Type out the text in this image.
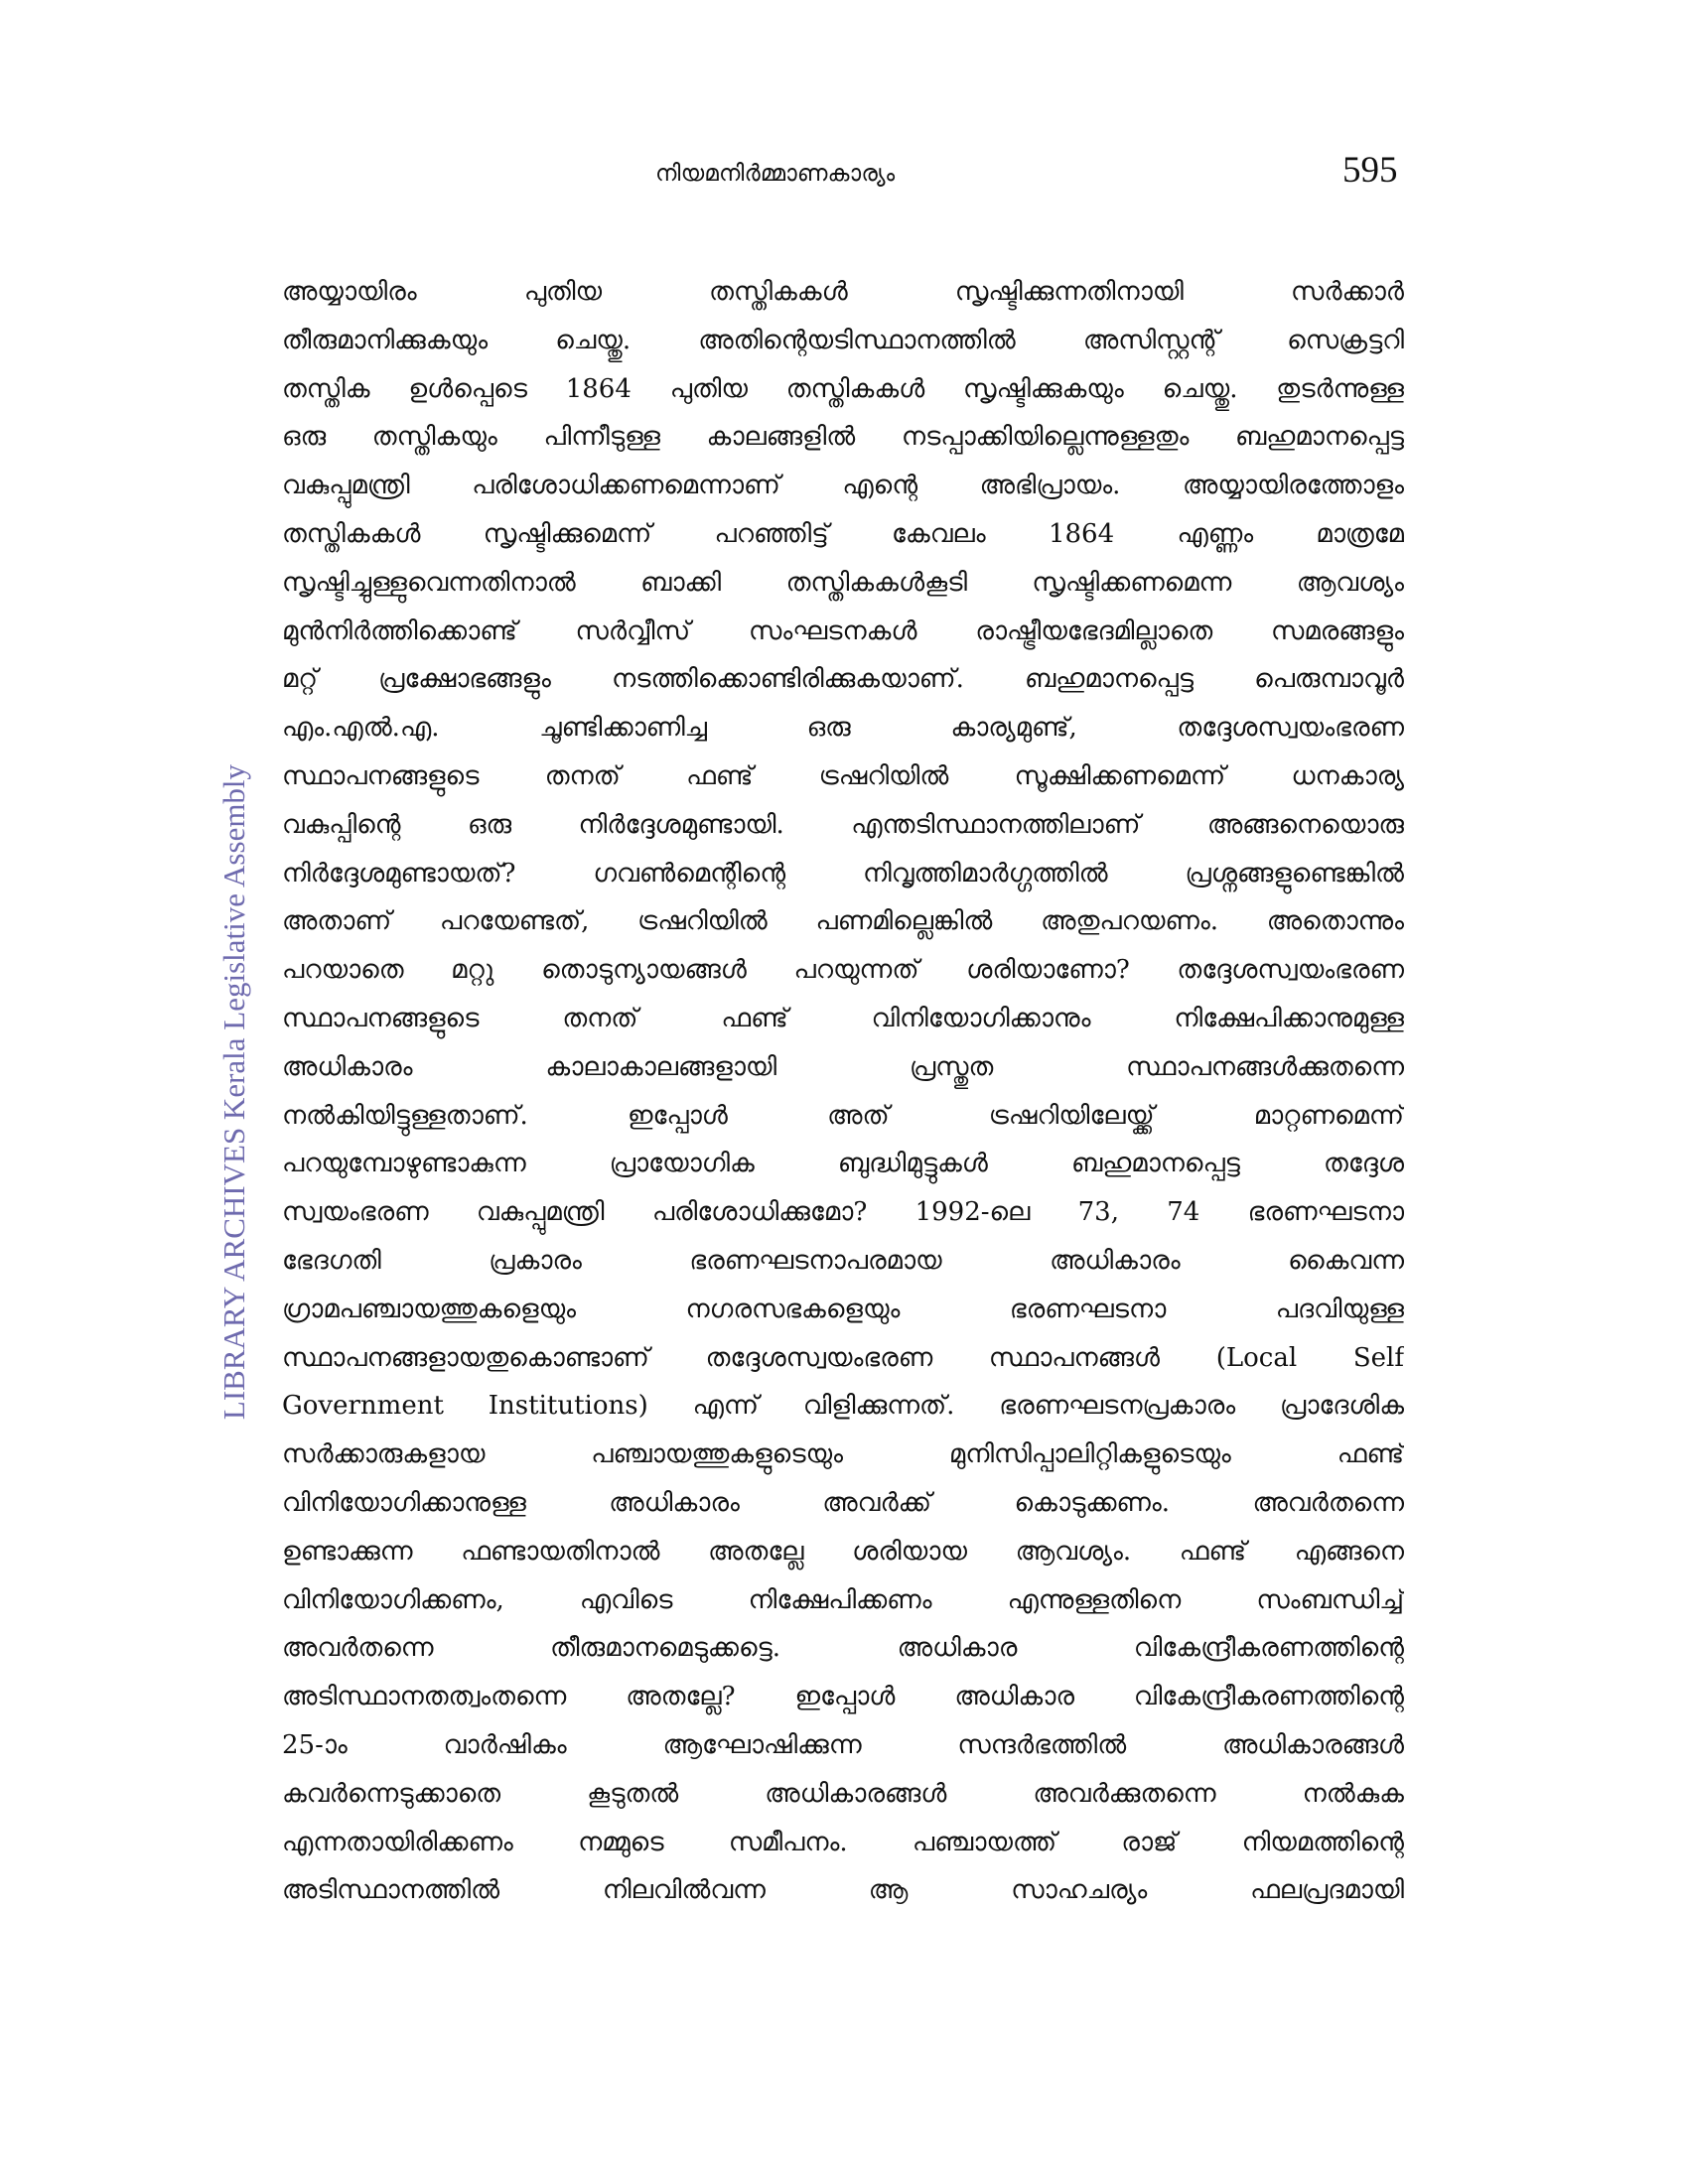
നിയമനിർമ്മാണകാര്യം	595
LIBRARY ARCHIVES Kerala Legislative Assembly
അയ്യായിരം പുതിയ തസ്തികകൾ സൃഷ്ടിക്കുന്നതിനായി സർക്കാർ
തീരുമാനിക്കുകയും ചെയ്തു. അതിന്റെയടിസ്ഥാനത്തിൽ അസിസ്റ്റന്റ് സെക്രട്ടറി
തസ്തിക ഉൾപ്പെടെ 1864 പുതിയ തസ്തികകൾ സൃഷ്ടിക്കുകയും ചെയ്തു. തുടർന്നുള്ള
ഒരു തസ്തികയും പിന്നീടുള്ള കാലങ്ങളിൽ നടപ്പാക്കിയില്ലെന്നുള്ളതും ബഹുമാനപ്പെട്ട
വകുപ്പുമന്ത്രി പരിശോധിക്കണമെന്നാണ് എന്റെ അഭിപ്രായം. അയ്യായിരത്തോളം
തസ്തികകൾ സൃഷ്ടിക്കുമെന്ന് പറഞ്ഞിട്ട് കേവലം 1864 എണ്ണം മാത്രമേ
സൃഷ്ടിച്ചുള്ളുവെന്നതിനാൽ ബാക്കി തസ്തികകൾകൂടി സൃഷ്ടിക്കണമെന്ന ആവശ്യം
മുൻനിർത്തിക്കൊണ്ട് സർവ്വീസ് സംഘടനകൾ രാഷ്ട്രീയഭേദമില്ലാതെ സമരങ്ങളും
മറ്റ് പ്രക്ഷോഭങ്ങളും നടത്തിക്കൊണ്ടിരിക്കുകയാണ്. ബഹുമാനപ്പെട്ട പെരുമ്പാവൂർ
എം.എൽ.എ. ചൂണ്ടിക്കാണിച്ച ഒരു കാര്യമുണ്ട്, തദ്ദേശസ്വയംഭരണ
സ്ഥാപനങ്ങളുടെ തനത് ഫണ്ട് ട്രഷറിയിൽ സൂക്ഷിക്കണമെന്ന് ധനകാര്യ
വകുപ്പിന്റെ ഒരു നിർദ്ദേശമുണ്ടായി. എന്തടിസ്ഥാനത്തിലാണ് അങ്ങനെയൊരു
നിർദ്ദേശമുണ്ടായത്? ഗവൺമെന്റിന്റെ നിവൃത്തിമാർഗ്ഗത്തിൽ പ്രശ്നങ്ങളുണ്ടെങ്കിൽ
അതാണ് പറയേണ്ടത്, ട്രഷറിയിൽ പണമില്ലെങ്കിൽ അതുപറയണം. അതൊന്നും
പറയാതെ മറ്റു തൊടുന്യായങ്ങൾ പറയുന്നത് ശരിയാണോ? തദ്ദേശസ്വയംഭരണ
സ്ഥാപനങ്ങളുടെ തനത് ഫണ്ട് വിനിയോഗിക്കാനും നിക്ഷേപിക്കാനുമുള്ള
അധികാരം കാലാകാലങ്ങളായി പ്രസ്തുത സ്ഥാപനങ്ങൾക്കുതന്നെ
നൽകിയിട്ടുള്ളതാണ്. ഇപ്പോൾ അത് ട്രഷറിയിലേയ്ക്ക് മാറ്റണമെന്ന്
പറയുമ്പോഴുണ്ടാകുന്ന പ്രായോഗിക ബുദ്ധിമുട്ടുകൾ ബഹുമാനപ്പെട്ട തദ്ദേശ
സ്വയംഭരണ വകുപ്പുമന്ത്രി പരിശോധിക്കുമോ? 1992-ലെ 73, 74 ഭരണഘടനാ
ഭേദഗതി പ്രകാരം ഭരണഘടനാപരമായ അധികാരം കൈവന്ന
ഗ്രാമപഞ്ചായത്തുകളെയും നഗരസഭകളെയും ഭരണഘടനാ പദവിയുള്ള
സ്ഥാപനങ്ങളായതുകൊണ്ടാണ് തദ്ദേശസ്വയംഭരണ സ്ഥാപനങ്ങൾ (Local Self
Government Institutions) എന്ന് വിളിക്കുന്നത്. ഭരണഘടനപ്രകാരം പ്രാദേശിക
സർക്കാരുകളായ പഞ്ചായത്തുകളുടെയും മുനിസിപ്പാലിറ്റികളുടെയും ഫണ്ട്
വിനിയോഗിക്കാനുള്ള അധികാരം അവർക്ക് കൊടുക്കണം. അവർതന്നെ
ഉണ്ടാക്കുന്ന ഫണ്ടായതിനാൽ അതല്ലേ ശരിയായ ആവശ്യം. ഫണ്ട് എങ്ങനെ
വിനിയോഗിക്കണം, എവിടെ നിക്ഷേപിക്കണം എന്നുള്ളതിനെ സംബന്ധിച്ച്
അവർതന്നെ തീരുമാനമെടുക്കട്ടെ. അധികാര വികേന്ദ്രീകരണത്തിന്റെ
അടിസ്ഥാനതത്വംതന്നെ അതല്ലേ? ഇപ്പോൾ അധികാര വികേന്ദ്രീകരണത്തിന്റെ
25-ാം വാർഷികം ആഘോഷിക്കുന്ന സന്ദർഭത്തിൽ അധികാരങ്ങൾ
കവർന്നെടുക്കാതെ കൂടുതൽ അധികാരങ്ങൾ അവർക്കുതന്നെ നൽകുക
എന്നതായിരിക്കണം നമ്മുടെ സമീപനം. പഞ്ചായത്ത് രാജ് നിയമത്തിന്റെ
അടിസ്ഥാനത്തിൽ നിലവിൽവന്ന ആ സാഹചര്യം ഫലപ്രദമായി
